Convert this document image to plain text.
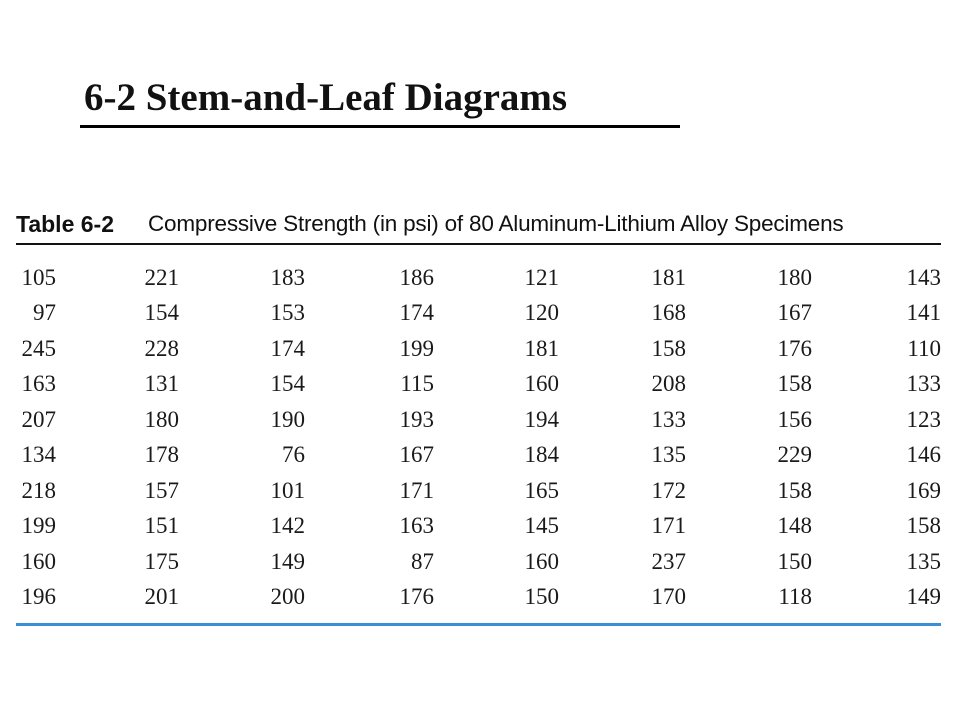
6-2 Stem-and-Leaf Diagrams
Table 6-2	Compressive Strength (in psi) of 80 Aluminum-Lithium Alloy Specimens
105	221	183	186	121	181	180	143
97	154	153	174	120	168	167	141
245	228	174	199	181	158	176	110
163	131	154	115	160	208	158	133
207	180	190	193	194	133	156	123
134	178	76	167	184	135	229	146
218	157	101	171	165	172	158	169
199	151	142	163	145	171	148	158
160	175	149	87	160	237	150	135
196	201	200	176	150	170	118	149
